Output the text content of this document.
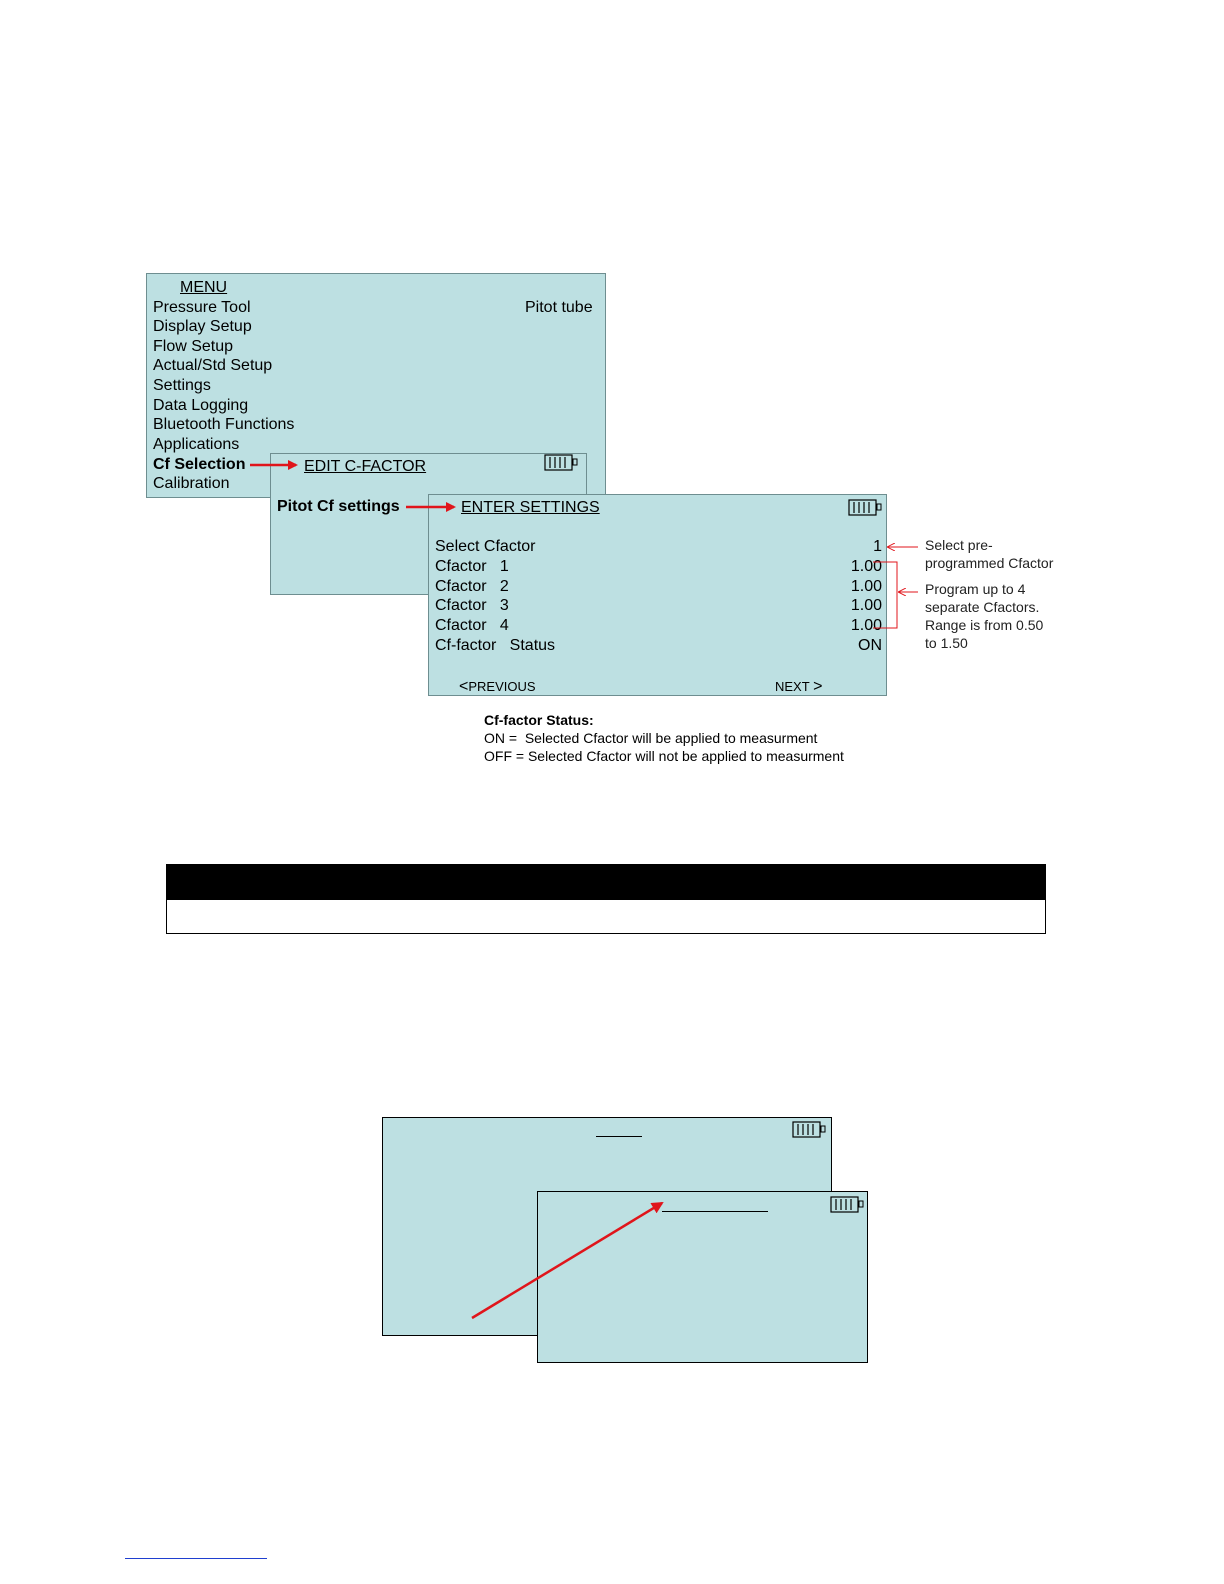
MENU
Pitot tube
Pressure Tool
Display Setup
Flow Setup
Actual/Std Setup
Settings
Data Logging
Bluetooth Functions
Applications
Cf Selection
Calibration
EDIT C-FACTOR
Pitot Cf settings	ENTER SETTINGS
Select Cfactor	1
Cfactor   1	1.00
Cfactor   2	1.00
Cfactor   3	1.00
Cfactor   4	1.00
Cf-factor   Status	ON
<PREVIOUS	NEXT >
Select pre-
programmed Cfactor
Program up to 4
separate Cfactors.
Range is from 0.50
to 1.50
Cf-factor Status:
ON =  Selected Cfactor will be applied to measurment
OFF = Selected Cfactor will not be applied to measurment
